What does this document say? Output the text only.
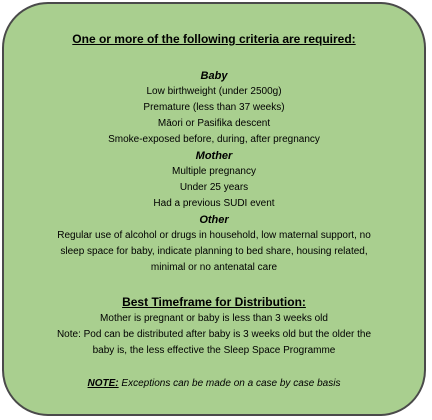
One or more of the following criteria are required:
Baby
Low birthweight (under 2500g)
Premature (less than 37 weeks)
Māori or Pasifika descent
Smoke-exposed before, during, after pregnancy
Mother
Multiple pregnancy
Under 25 years
Had a previous SUDI event
Other
Regular use of alcohol or drugs in household, low maternal support, no
sleep space for baby, indicate planning to bed share, housing related,
minimal or no antenatal care
Best Timeframe for Distribution:
Mother is pregnant or baby is less than 3 weeks old
Note: Pod can be distributed after baby is 3 weeks old but the older the
baby is, the less effective the Sleep Space Programme
NOTE: Exceptions can be made on a case by case basis
